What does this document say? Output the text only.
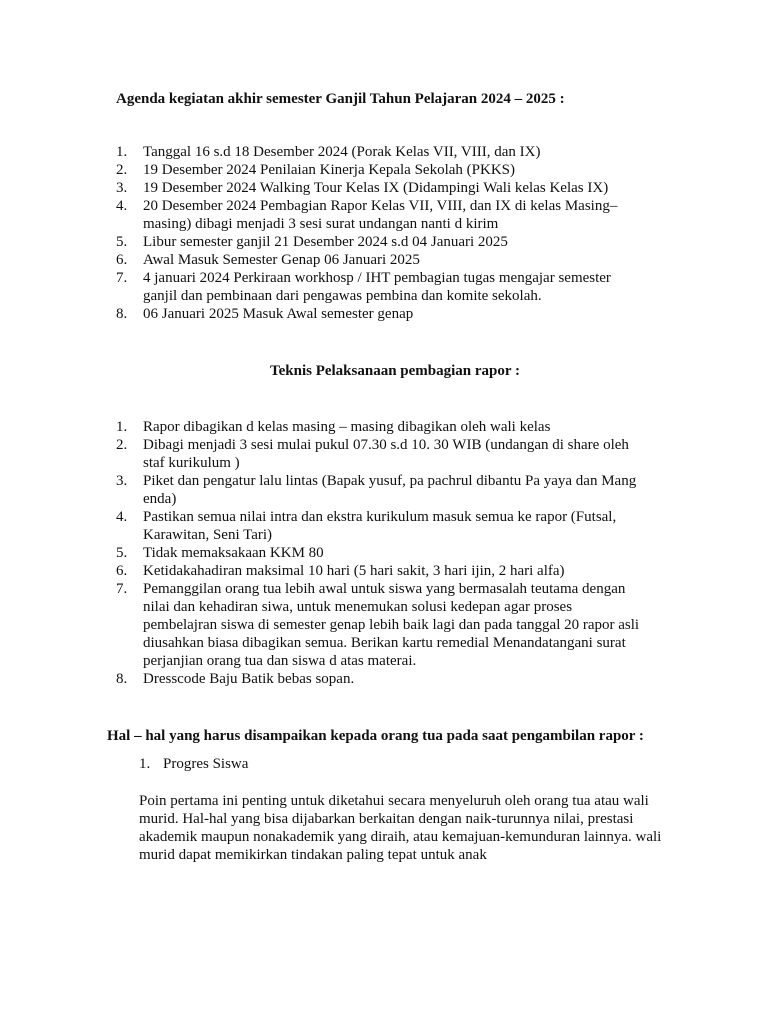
Agenda kegiatan akhir semester Ganjil Tahun Pelajaran 2024 – 2025 :
1. Tanggal 16 s.d 18 Desember 2024 (Porak Kelas VII, VIII, dan IX)
2. 19 Desember 2024 Penilaian Kinerja Kepala Sekolah (PKKS)
3. 19 Desember 2024 Walking Tour Kelas IX (Didampingi Wali kelas Kelas IX)
4. 20 Desember 2024 Pembagian Rapor Kelas VII, VIII, dan IX di kelas Masing– masing) dibagi menjadi 3 sesi surat undangan nanti d kirim
5. Libur semester ganjil 21 Desember 2024 s.d 04 Januari 2025
6. Awal Masuk Semester Genap 06 Januari 2025
7. 4 januari 2024 Perkiraan workhosp / IHT pembagian tugas mengajar semester ganjil dan pembinaan dari pengawas pembina dan komite sekolah.
8. 06 Januari 2025 Masuk Awal semester genap
Teknis Pelaksanaan pembagian rapor :
1. Rapor dibagikan d kelas masing – masing dibagikan oleh wali kelas
2. Dibagi menjadi 3 sesi mulai pukul 07.30 s.d 10. 30 WIB (undangan di share oleh staf kurikulum )
3. Piket dan pengatur lalu lintas (Bapak yusuf, pa pachrul dibantu Pa yaya dan Mang enda)
4. Pastikan semua nilai intra dan ekstra kurikulum masuk semua ke rapor (Futsal, Karawitan, Seni Tari)
5. Tidak memaksakaan KKM 80
6. Ketidakahadiran maksimal 10 hari (5 hari sakit, 3 hari ijin, 2 hari alfa)
7. Pemanggilan orang tua lebih awal untuk siswa yang bermasalah teutama dengan nilai dan kehadiran siwa, untuk menemukan solusi kedepan agar proses pembelajran siswa di semester genap lebih baik lagi dan pada tanggal 20 rapor asli diusahkan biasa dibagikan semua. Berikan kartu remedial Menandatangani surat perjanjian orang tua dan siswa d atas materai.
8. Dresscode Baju Batik bebas sopan.
Hal – hal yang harus disampaikan kepada orang tua pada saat pengambilan rapor :
1. Progres Siswa

Poin pertama ini penting untuk diketahui secara menyeluruh oleh orang tua atau wali murid. Hal-hal yang bisa dijabarkan berkaitan dengan naik-turunnya nilai, prestasi akademik maupun nonakademik yang diraih, atau kemajuan-kemunduran lainnya. wali murid dapat memikirkan tindakan paling tepat untuk anak
